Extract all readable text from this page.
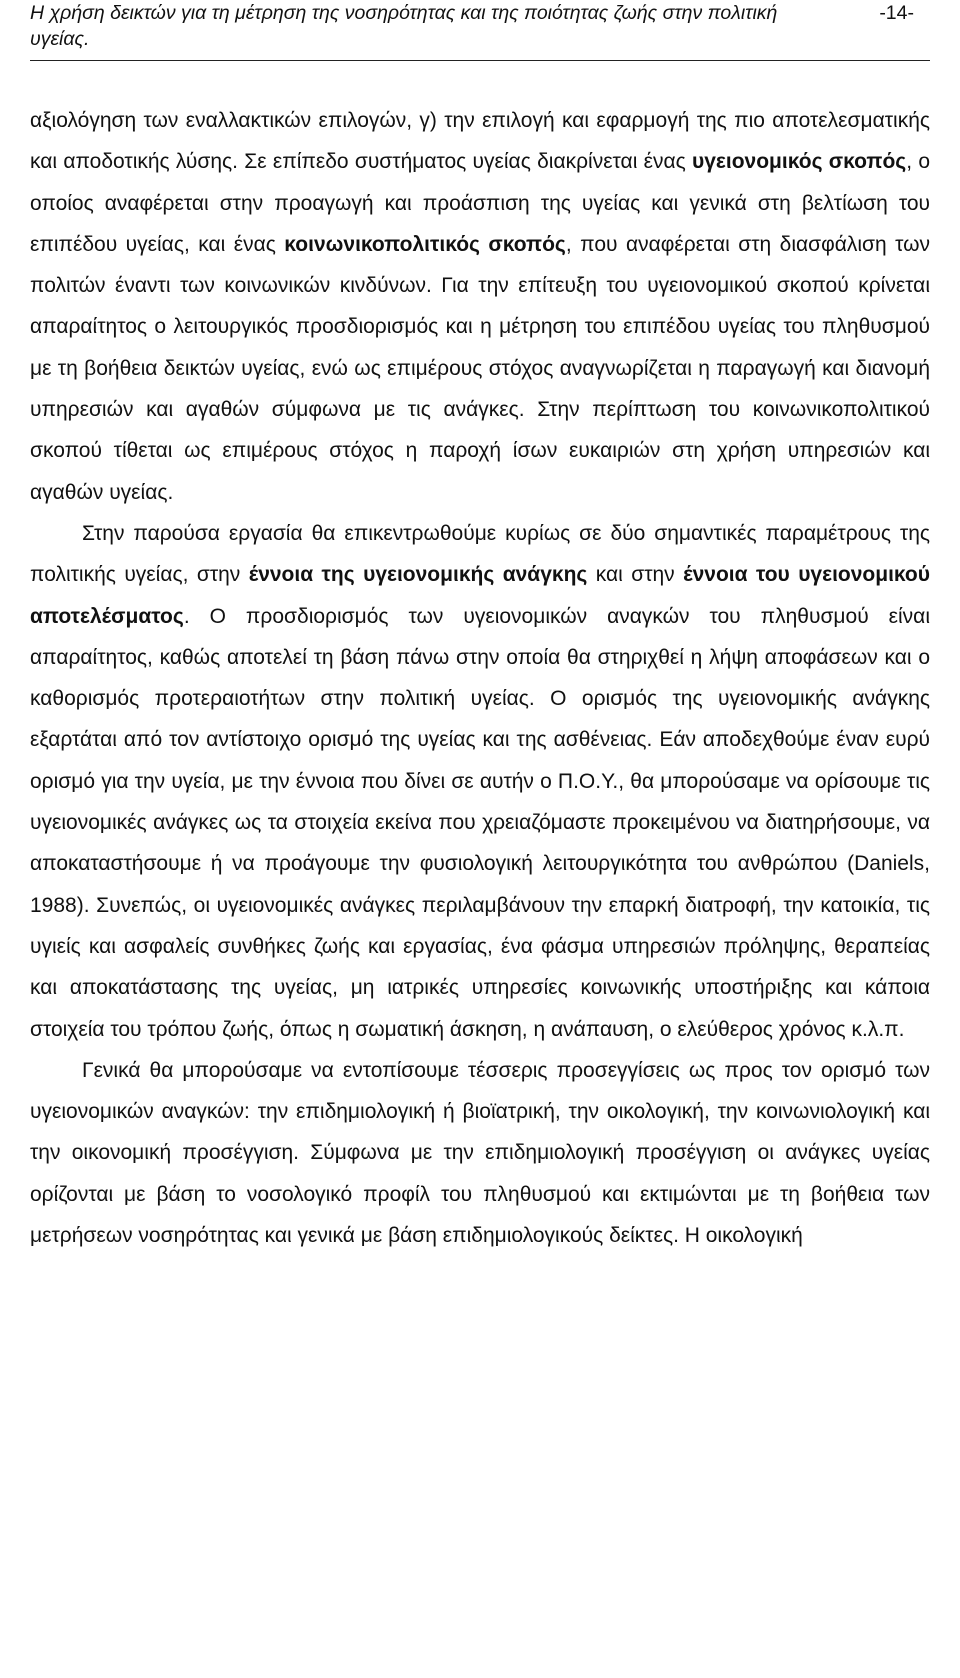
Η χρήση δεικτών για τη μέτρηση της νοσηρότητας και της ποιότητας ζωής στην πολιτική υγείας.
-14-

αξιολόγηση των εναλλακτικών επιλογών, γ) την επιλογή και εφαρμογή της πιο αποτελεσματικής και αποδοτικής λύσης. Σε επίπεδο συστήματος υγείας διακρίνεται ένας υγειονομικός σκοπός, ο οποίος αναφέρεται στην προαγωγή και προάσπιση της υγείας και γενικά στη βελτίωση του επιπέδου υγείας, και ένας κοινωνικοπολιτικός σκοπός, που αναφέρεται στη διασφάλιση των πολιτών έναντι των κοινωνικών κινδύνων. Για την επίτευξη του υγειονομικού σκοπού κρίνεται απαραίτητος ο λειτουργικός προσδιορισμός και η μέτρηση του επιπέδου υγείας του πληθυσμού με τη βοήθεια δεικτών υγείας, ενώ ως επιμέρους στόχος αναγνωρίζεται η παραγωγή και διανομή υπηρεσιών και αγαθών σύμφωνα με τις ανάγκες. Στην περίπτωση του κοινωνικοπολιτικού σκοπού τίθεται ως επιμέρους στόχος η παροχή ίσων ευκαιριών στη χρήση υπηρεσιών και αγαθών υγείας.

Στην παρούσα εργασία θα επικεντρωθούμε κυρίως σε δύο σημαντικές παραμέτρους της πολιτικής υγείας, στην έννοια της υγειονομικής ανάγκης και στην έννοια του υγειονομικού αποτελέσματος. Ο προσδιορισμός των υγειονομικών αναγκών του πληθυσμού είναι απαραίτητος, καθώς αποτελεί τη βάση πάνω στην οποία θα στηριχθεί η λήψη αποφάσεων και ο καθορισμός προτεραιοτήτων στην πολιτική υγείας. Ο ορισμός της υγειονομικής ανάγκης εξαρτάται από τον αντίστοιχο ορισμό της υγείας και της ασθένειας. Εάν αποδεχθούμε έναν ευρύ ορισμό για την υγεία, με την έννοια που δίνει σε αυτήν ο Π.Ο.Υ., θα μπορούσαμε να ορίσουμε τις υγειονομικές ανάγκες ως τα στοιχεία εκείνα που χρειαζόμαστε προκειμένου να διατηρήσουμε, να αποκαταστήσουμε ή να προάγουμε την φυσιολογική λειτουργικότητα του ανθρώπου (Daniels, 1988). Συνεπώς, οι υγειονομικές ανάγκες περιλαμβάνουν την επαρκή διατροφή, την κατοικία, τις υγιείς και ασφαλείς συνθήκες ζωής και εργασίας, ένα φάσμα υπηρεσιών πρόληψης, θεραπείας και αποκατάστασης της υγείας, μη ιατρικές υπηρεσίες κοινωνικής υποστήριξης και κάποια στοιχεία του τρόπου ζωής, όπως η σωματική άσκηση, η ανάπαυση, ο ελεύθερος χρόνος κ.λ.π.

Γενικά θα μπορούσαμε να εντοπίσουμε τέσσερις προσεγγίσεις ως προς τον ορισμό των υγειονομικών αναγκών: την επιδημιολογική ή βιοϊατρική, την οικολογική, την κοινωνιολογική και την οικονομική προσέγγιση. Σύμφωνα με την επιδημιολογική προσέγγιση οι ανάγκες υγείας ορίζονται με βάση το νοσολογικό προφίλ του πληθυσμού και εκτιμώνται με τη βοήθεια των μετρήσεων νοσηρότητας και γενικά με βάση επιδημιολογικούς δείκτες. Η οικολογική
